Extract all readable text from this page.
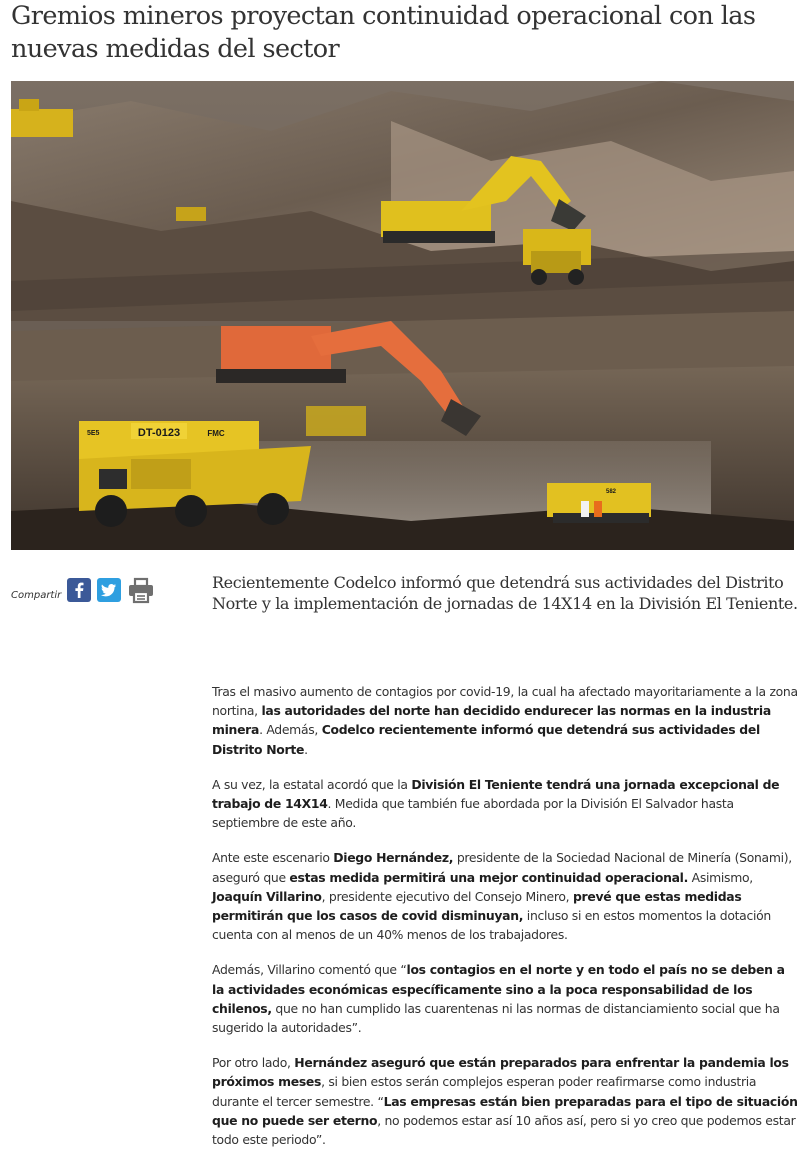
Gremios mineros proyectan continuidad operacional con las nuevas medidas del sector
DT-0123	FMC
5E5
582
Compartir

Recientemente Codelco informó que detendrá sus actividades del Distrito Norte y la implementación de jornadas de 14X14 en la División El Teniente.

Tras el masivo aumento de contagios por covid-19, la cual ha afectado mayoritariamente a la zona nortina, las autoridades del norte han decidido endurecer las normas en la industria minera. Además, Codelco recientemente informó que detendrá sus actividades del Distrito Norte.

A su vez, la estatal acordó que la División El Teniente tendrá una jornada excepcional de trabajo de 14X14. Medida que también fue abordada por la División El Salvador hasta septiembre de este año.

Ante este escenario Diego Hernández, presidente de la Sociedad Nacional de Minería (Sonami), aseguró que estas medida permitirá una mejor continuidad operacional. Asimismo, Joaquín Villarino, presidente ejecutivo del Consejo Minero, prevé que estas medidas permitirán que los casos de covid disminuyan, incluso si en estos momentos la dotación cuenta con al menos de un 40% menos de los trabajadores.

Además, Villarino comentó que “los contagios en el norte y en todo el país no se deben a la actividades económicas específicamente sino a la poca responsabilidad de los chilenos, que no han cumplido las cuarentenas ni las normas de distanciamiento social que ha sugerido la autoridades”.

Por otro lado, Hernández aseguró que están preparados para enfrentar la pandemia los próximos meses, si bien estos serán complejos esperan poder reafirmarse como industria durante el tercer semestre. “Las empresas están bien preparadas para el tipo de situación que no puede ser eterno, no podemos estar así 10 años así, pero si yo creo que podemos estar todo este periodo”.
